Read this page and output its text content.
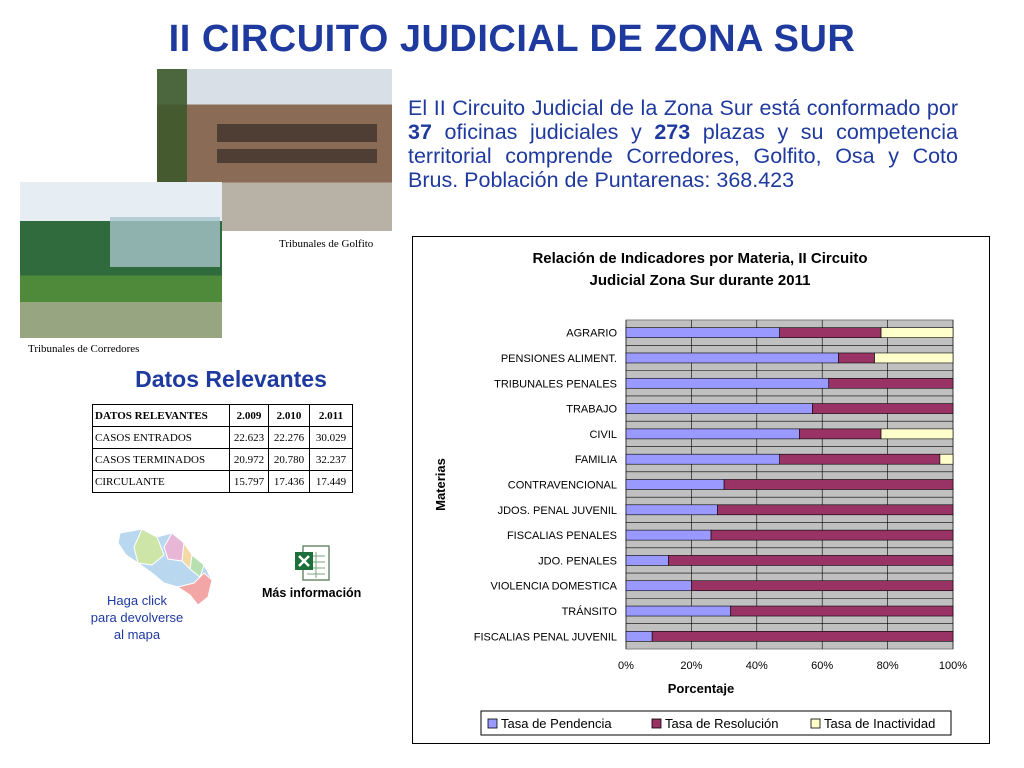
II CIRCUITO JUDICIAL DE ZONA SUR
Tribunales de Golfito
Tribunales de Corredores
El II Circuito Judicial de la Zona Sur está conformado por 37 oficinas judiciales y 273 plazas y su competencia territorial comprende Corredores, Golfito, Osa y Coto Brus. Población de Puntarenas: 368.423
Datos Relevantes
DATOS RELEVANTES	2.009	2.010	2.011
CASOS ENTRADOS	22.623	22.276	30.029
CASOS TERMINADOS	20.972	20.780	32.237
CIRCULANTE	15.797	17.436	17.449
Haga click
para devolverse
al mapa
Más información
Relación de Indicadores por Materia, II Circuito
Judicial Zona Sur durante 2011
0%	20%	40%	60%	80%	100%
AGRARIO
PENSIONES ALIMENT.
TRIBUNALES PENALES
TRABAJO
CIVIL
FAMILIA
CONTRAVENCIONAL
JDOS. PENAL JUVENIL
FISCALIAS PENALES
JDO. PENALES
VIOLENCIA DOMESTICA
TRÁNSITO
FISCALIAS PENAL JUVENIL
Porcentaje
Materias
Tasa de Pendencia	Tasa de Resolución	Tasa de Inactividad
